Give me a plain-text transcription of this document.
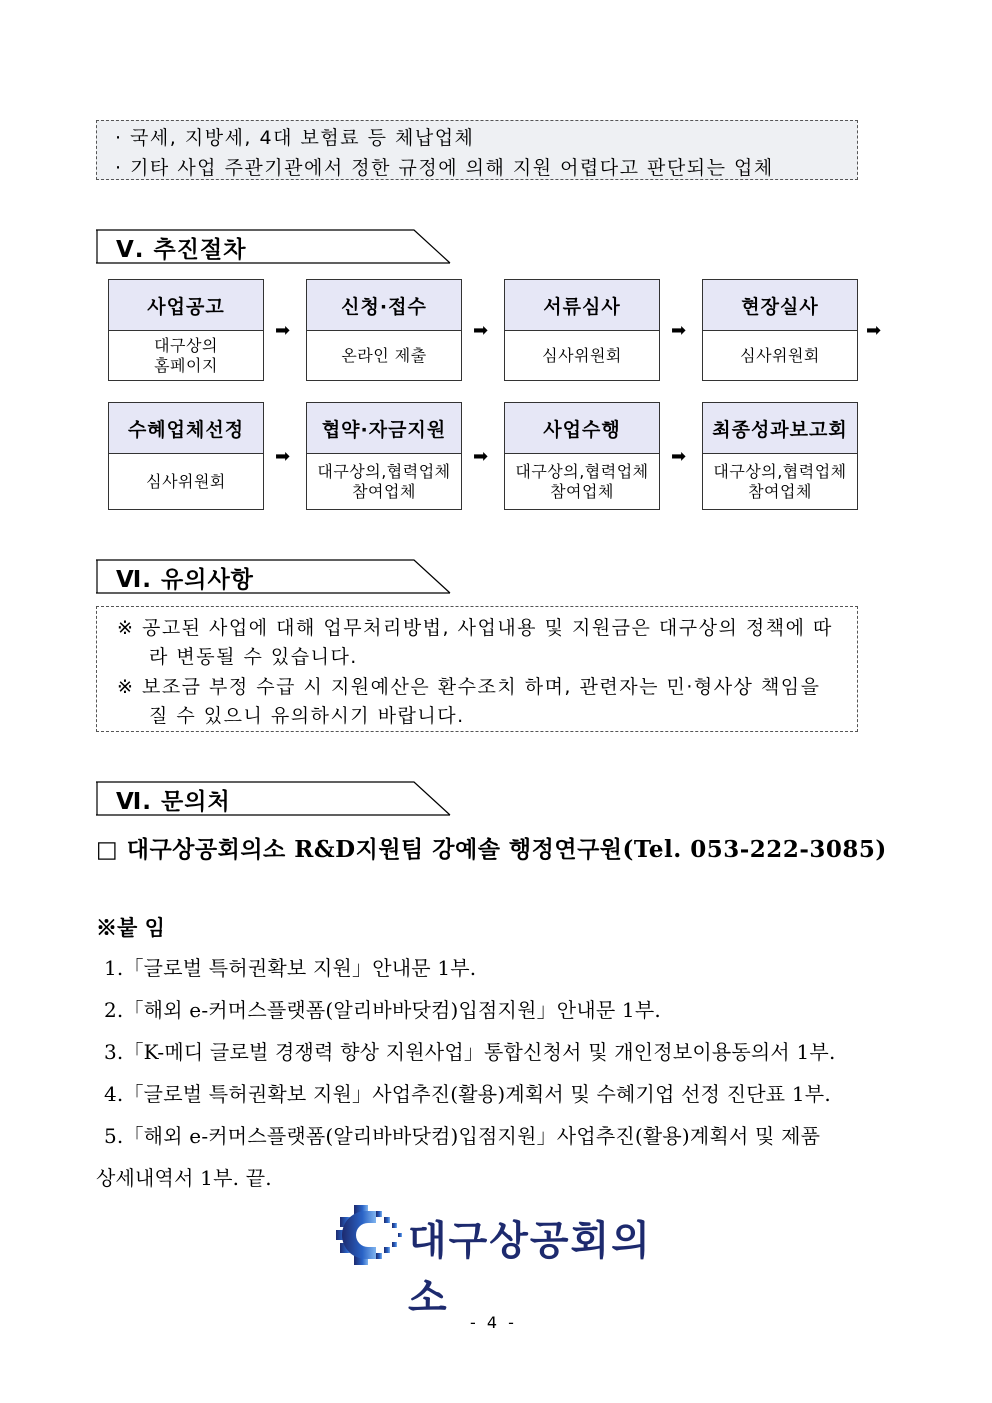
· 국세, 지방세, 4대 보험료 등 체납업체
· 기타 사업 주관기관에서 정한 규정에 의해 지원 어렵다고 판단되는 업체
Ⅴ. 추진절차
사업공고
대구상의
홈페이지
➡
신청·접수
온라인 제출
➡
서류심사
심사위원회
➡
현장실사
심사위원회
➡
수혜업체선정
심사위원회
➡
협약·자금지원
대구상의,협력업체
참여업체
➡
사업수행
대구상의,협력업체
참여업체
➡
최종성과보고회
대구상의,협력업체
참여업체
Ⅵ. 유의사항
※ 공고된 사업에 대해 업무처리방법, 사업내용 및 지원금은 대구상의 정책에 따
라 변동될 수 있습니다.
※ 보조금 부정 수급 시 지원예산은 환수조치 하며, 관련자는 민·형사상 책임을
질 수 있으니 유의하시기 바랍니다.
Ⅵ. 문의처
□ 대구상공회의소 R&D지원팀 강예솔 행정연구원(Tel. 053-222-3085)
※붙 임
1.「글로벌 특허권확보 지원」안내문 1부.
2.「해외 e-커머스플랫폼(알리바바닷컴)입점지원」안내문 1부.
3.「K-메디 글로벌 경쟁력 향상 지원사업」통합신청서 및 개인정보이용동의서 1부.
4.「글로벌 특허권확보 지원」사업추진(활용)계획서 및 수혜기업 선정 진단표 1부.
5.「해외 e-커머스플랫폼(알리바바닷컴)입점지원」사업추진(활용)계획서 및 제품
상세내역서 1부. 끝.
대구상공회의소
- 4 -
